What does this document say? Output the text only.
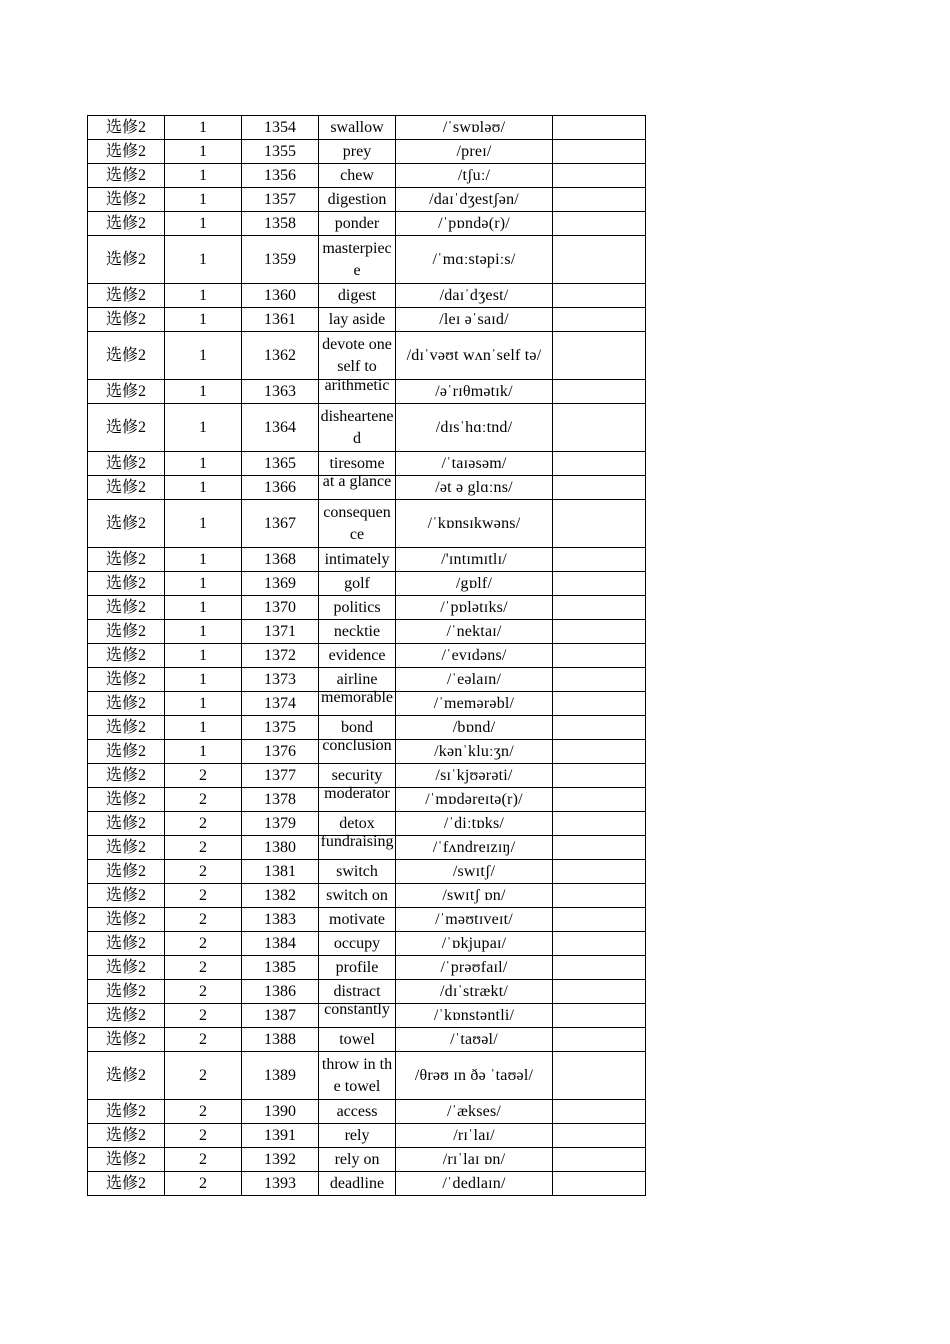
选修2	1	1354	swallow	/ˈswɒləʊ/	
选修2	1	1355	prey	/preɪ/	
选修2	1	1356	chew	/tʃuː/	
选修2	1	1357	digestion	/daɪˈdʒestʃən/	
选修2	1	1358	ponder	/ˈpɒndə(r)/	
选修2	1	1359	masterpiece	/ˈmɑːstəpiːs/	
选修2	1	1360	digest	/daɪˈdʒest/	
选修2	1	1361	lay aside	/leɪ əˈsaɪd/	
选修2	1	1362	devote oneself to	/dɪˈvəʊt wʌnˈself tə/	
选修2	1	1363	arithmetic	/əˈrɪθmətɪk/	
选修2	1	1364	disheartened	/dɪsˈhɑːtnd/	
选修2	1	1365	tiresome	/ˈtaɪəsəm/	
选修2	1	1366	at a glance	/ət ə glɑːns/	
选修2	1	1367	consequence	/ˈkɒnsɪkwəns/	
选修2	1	1368	intimately	/'ɪntɪmɪtlɪ/	
选修2	1	1369	golf	/gɒlf/	
选修2	1	1370	politics	/ˈpɒlətɪks/	
选修2	1	1371	necktie	/ˈnektaɪ/	
选修2	1	1372	evidence	/ˈevɪdəns/	
选修2	1	1373	airline	/ˈeəlaɪn/	
选修2	1	1374	memorable	/ˈmemərəbl/	
选修2	1	1375	bond	/bɒnd/	
选修2	1	1376	conclusion	/kənˈkluːʒn/	
选修2	2	1377	security	/sɪˈkjʊərəti/	
选修2	2	1378	moderator	/ˈmɒdəreɪtə(r)/	
选修2	2	1379	detox	/ˈdiːtɒks/	
选修2	2	1380	fundraising	/ˈfʌndreɪzɪŋ/	
选修2	2	1381	switch	/swɪtʃ/	
选修2	2	1382	switch on	/swɪtʃ ɒn/	
选修2	2	1383	motivate	/ˈməʊtɪveɪt/	
选修2	2	1384	occupy	/ˈɒkjupaɪ/	
选修2	2	1385	profile	/ˈprəʊfaɪl/	
选修2	2	1386	distract	/dɪˈstrækt/	
选修2	2	1387	constantly	/ˈkɒnstəntli/	
选修2	2	1388	towel	/ˈtaʊəl/	
选修2	2	1389	throw in the towel	/θrəʊ ɪn ðə ˈtaʊəl/	
选修2	2	1390	access	/ˈækses/	
选修2	2	1391	rely	/rɪˈlaɪ/	
选修2	2	1392	rely on	/rɪˈlaɪ ɒn/	
选修2	2	1393	deadline	/ˈdedlaɪn/	
